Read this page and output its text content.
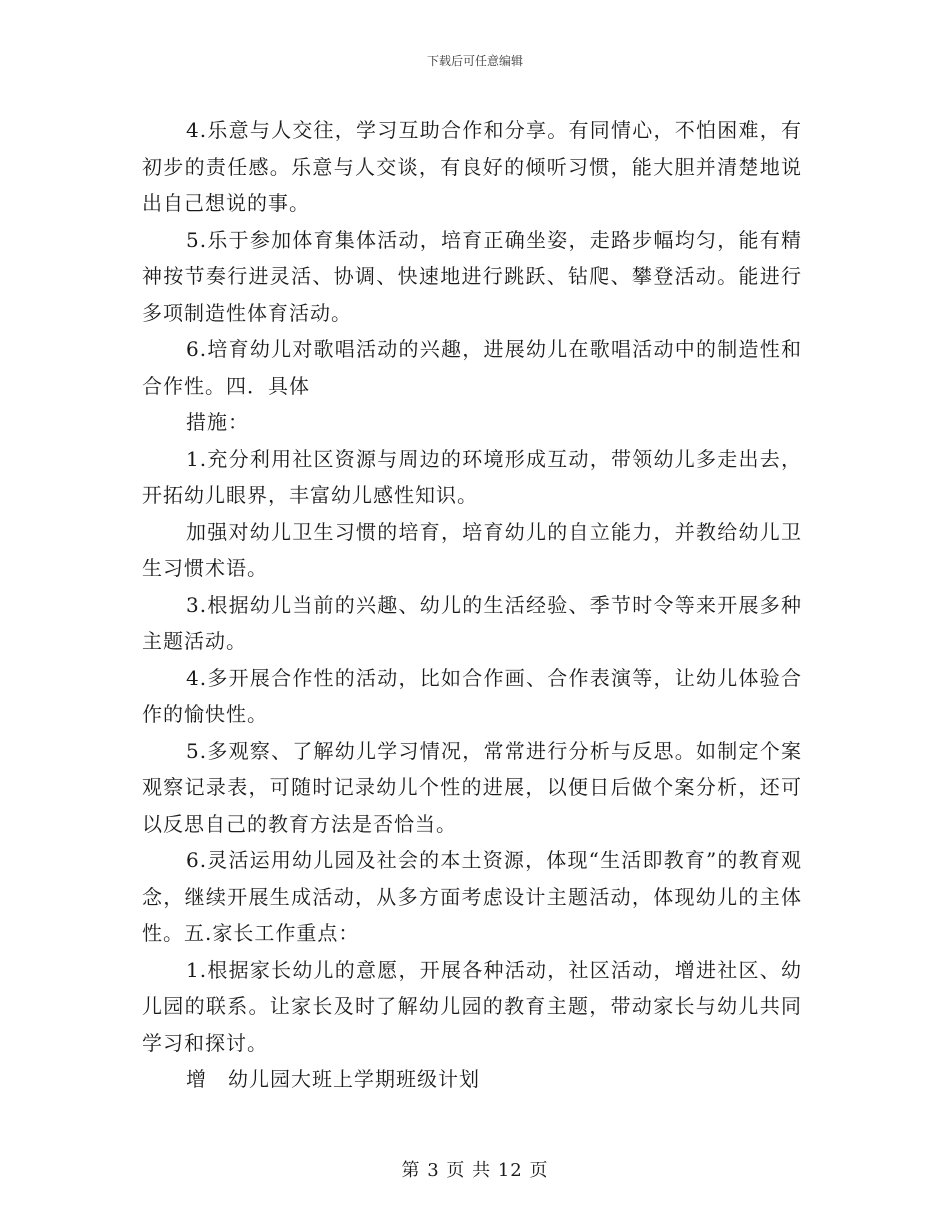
下载后可任意编辑

4.乐意与人交往，学习互助合作和分享。有同情心，不怕困难，有初步的责任感。乐意与人交谈，有良好的倾听习惯，能大胆并清楚地说出自己想说的事。

5.乐于参加体育集体活动，培育正确坐姿，走路步幅均匀，能有精神按节奏行进灵活、协调、快速地进行跳跃、钻爬、攀登活动。能进行多项制造性体育活动。

6.培育幼儿对歌唱活动的兴趣，进展幼儿在歌唱活动中的制造性和合作性。四．具体

措施：

1.充分利用社区资源与周边的环境形成互动，带领幼儿多走出去，开拓幼儿眼界，丰富幼儿感性知识。

加强对幼儿卫生习惯的培育，培育幼儿的自立能力，并教给幼儿卫生习惯术语。

3.根据幼儿当前的兴趣、幼儿的生活经验、季节时令等来开展多种主题活动。

4.多开展合作性的活动，比如合作画、合作表演等，让幼儿体验合作的愉快性。

5.多观察、了解幼儿学习情况，常常进行分析与反思。如制定个案观察记录表，可随时记录幼儿个性的进展，以便日后做个案分析，还可以反思自己的教育方法是否恰当。

6.灵活运用幼儿园及社会的本土资源，体现“生活即教育”的教育观念，继续开展生成活动，从多方面考虑设计主题活动，体现幼儿的主体性。五.家长工作重点：

1.根据家长幼儿的意愿，开展各种活动，社区活动，增进社区、幼儿园的联系。让家长及时了解幼儿园的教育主题，带动家长与幼儿共同学习和探讨。

增　幼儿园大班上学期班级计划

第 3 页 共 12 页
